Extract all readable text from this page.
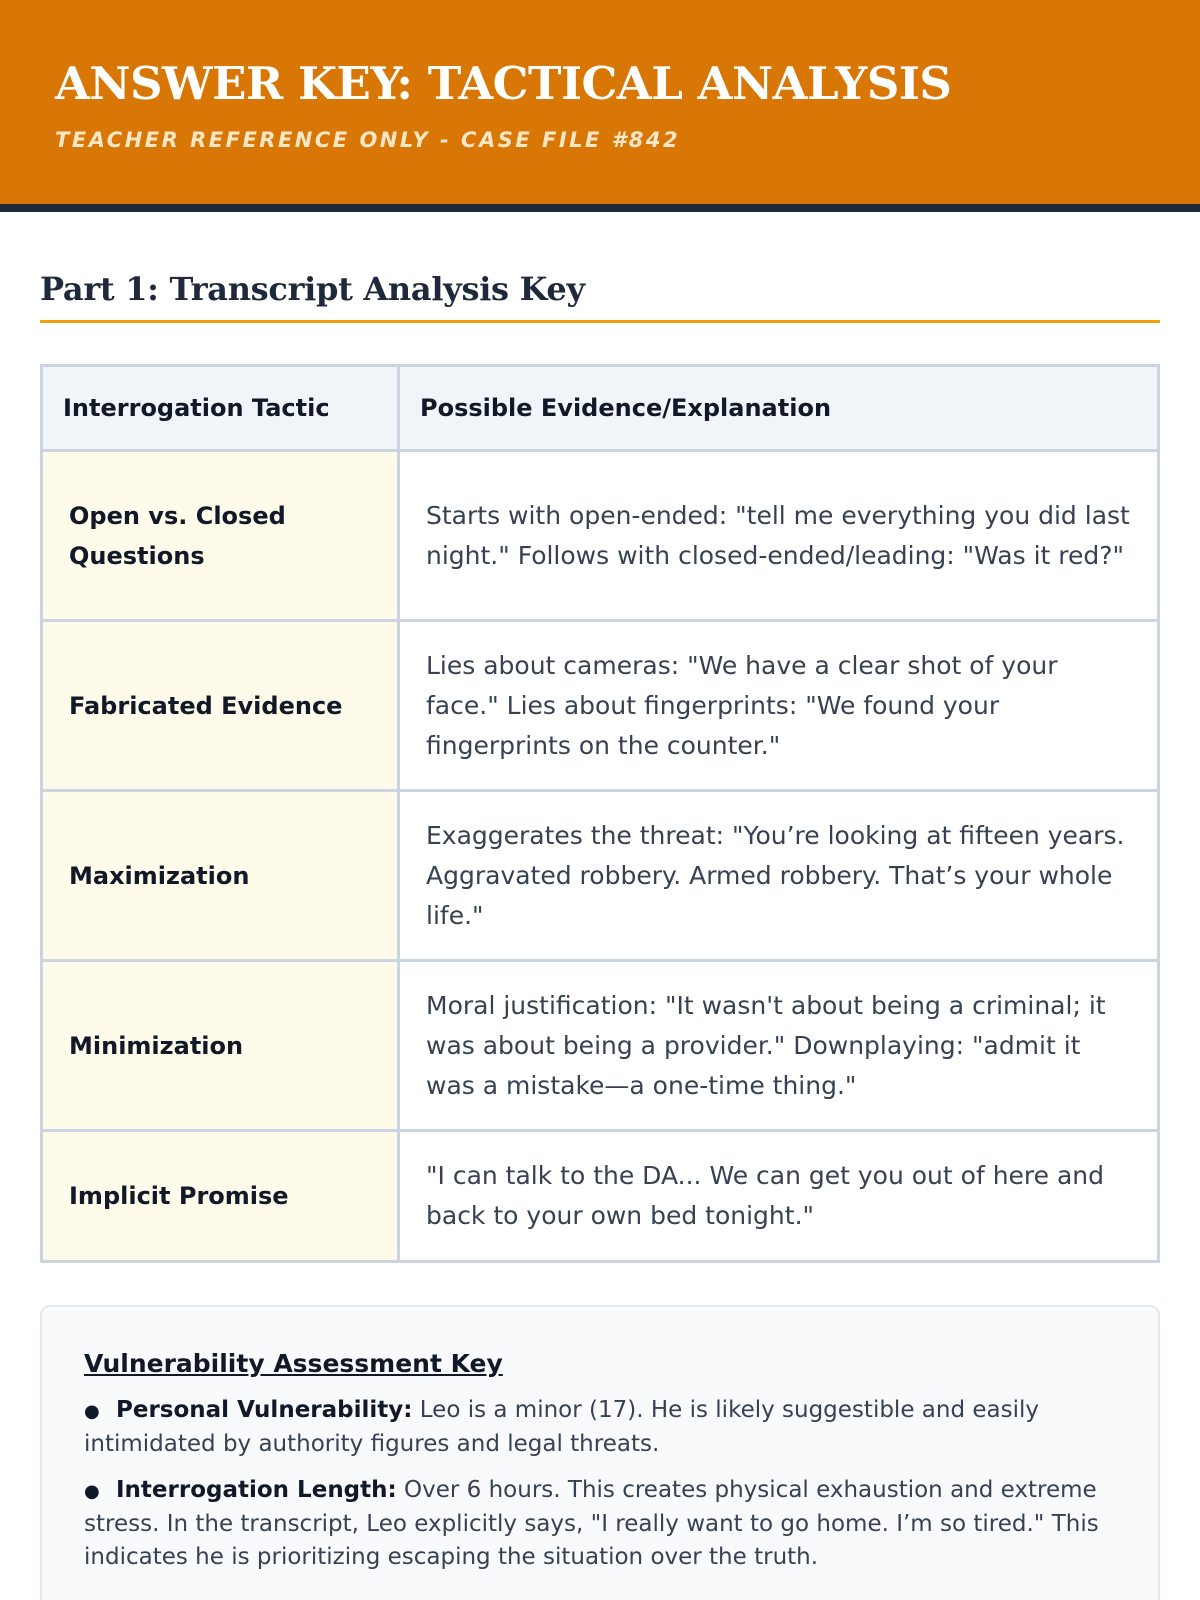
ANSWER KEY: TACTICAL ANALYSIS
TEACHER REFERENCE ONLY - CASE FILE #842
Part 1: Transcript Analysis Key
Interrogation Tactic	Possible Evidence/Explanation
Open vs. Closed Questions	Starts with open-ended: "tell me everything you did last night." Follows with closed-ended/leading: "Was it red?"
Fabricated Evidence	Lies about cameras: "We have a clear shot of your face." Lies about fingerprints: "We found your fingerprints on the counter."
Maximization	Exaggerates the threat: "You’re looking at fifteen years. Aggravated robbery. Armed robbery. That’s your whole life."
Minimization	Moral justification: "It wasn't about being a criminal; it was about being a provider." Downplaying: "admit it was a mistake—a one-time thing."
Implicit Promise	"I can talk to the DA... We can get you out of here and back to your own bed tonight."
Vulnerability Assessment Key
● Personal Vulnerability: Leo is a minor (17). He is likely suggestible and easily intimidated by authority figures and legal threats.
● Interrogation Length: Over 6 hours. This creates physical exhaustion and extreme stress. In the transcript, Leo explicitly says, "I really want to go home. I’m so tired." This indicates he is prioritizing escaping the situation over the truth.
